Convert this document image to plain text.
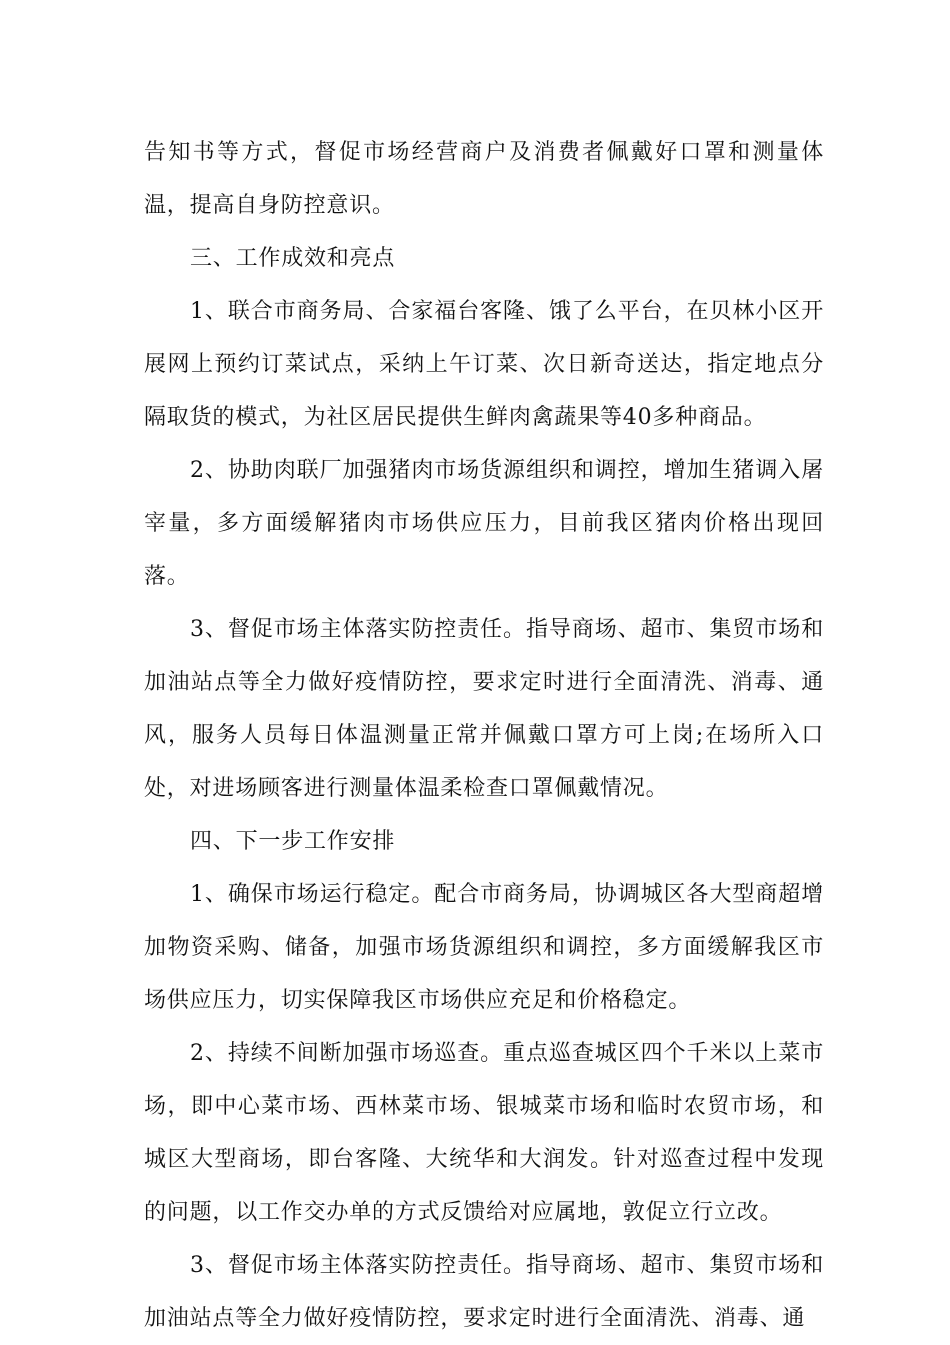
告知书等方式，督促市场经营商户及消费者佩戴好口罩和测量体温，提高自身防控意识。

三、工作成效和亮点

1、联合市商务局、合家福台客隆、饿了么平台，在贝林小区开展网上预约订菜试点，采纳上午订菜、次日新奇送达，指定地点分隔取货的模式，为社区居民提供生鲜肉禽蔬果等40多种商品。

2、协助肉联厂加强猪肉市场货源组织和调控，增加生猪调入屠宰量，多方面缓解猪肉市场供应压力，目前我区猪肉价格出现回落。

3、督促市场主体落实防控责任。指导商场、超市、集贸市场和加油站点等全力做好疫情防控，要求定时进行全面清洗、消毒、通风，服务人员每日体温测量正常并佩戴口罩方可上岗;在场所入口处，对进场顾客进行测量体温柔检查口罩佩戴情况。

四、下一步工作安排

1、确保市场运行稳定。配合市商务局，协调城区各大型商超增加物资采购、储备，加强市场货源组织和调控，多方面缓解我区市场供应压力，切实保障我区市场供应充足和价格稳定。

2、持续不间断加强市场巡查。重点巡查城区四个千米以上菜市场，即中心菜市场、西林菜市场、银城菜市场和临时农贸市场，和城区大型商场，即台客隆、大统华和大润发。针对巡查过程中发现的问题，以工作交办单的方式反馈给对应属地，敦促立行立改。

3、督促市场主体落实防控责任。指导商场、超市、集贸市场和加油站点等全力做好疫情防控，要求定时进行全面清洗、消毒、通
